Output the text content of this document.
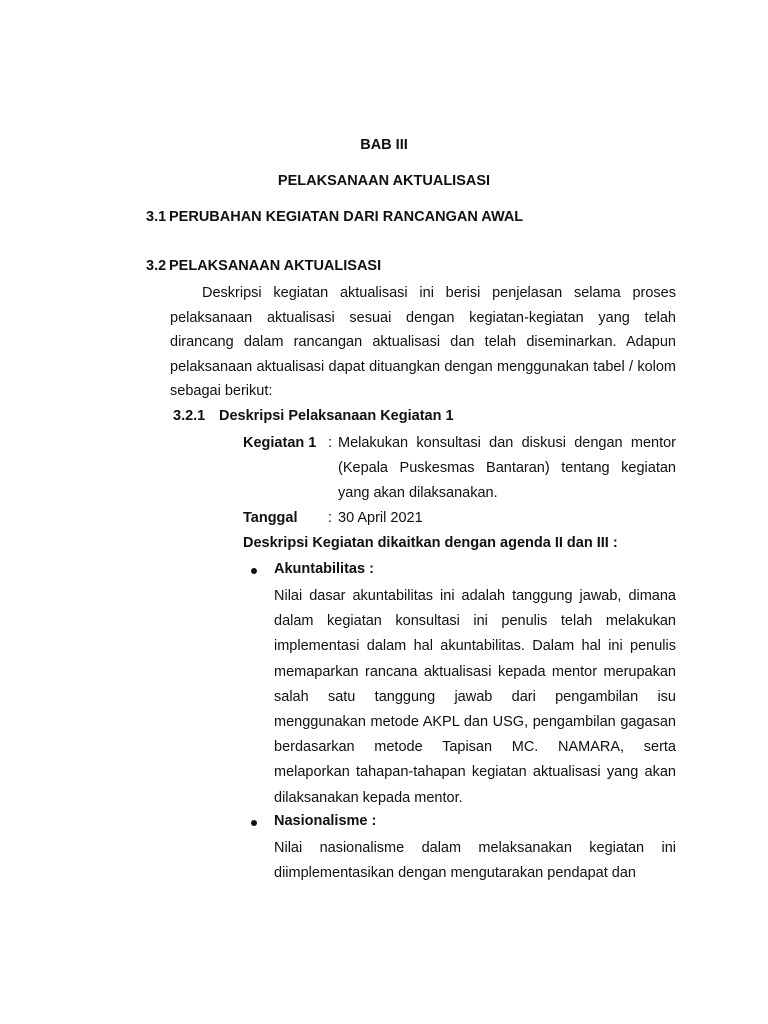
BAB III
PELAKSANAAN AKTUALISASI
3.1 PERUBAHAN KEGIATAN DARI RANCANGAN AWAL
3.2 PELAKSANAAN AKTUALISASI

Deskripsi kegiatan aktualisasi ini berisi penjelasan selama proses pelaksanaan aktualisasi sesuai dengan kegiatan-kegiatan yang telah dirancang dalam rancangan aktualisasi dan telah diseminarkan. Adapun pelaksanaan aktualisasi dapat dituangkan dengan menggunakan tabel / kolom sebagai berikut:

3.2.1 Deskripsi Pelaksanaan Kegiatan 1
Kegiatan 1 : Melakukan konsultasi dan diskusi dengan mentor (Kepala Puskesmas Bantaran) tentang kegiatan yang akan dilaksanakan.

Tanggal : 30 April 2021
Deskripsi Kegiatan dikaitkan dengan agenda II dan III :
Akuntabilitas :

Nilai dasar akuntabilitas ini adalah tanggung jawab, dimana dalam kegiatan konsultasi ini penulis telah melakukan implementasi dalam hal akuntabilitas. Dalam hal ini penulis memaparkan rancana aktualisasi kepada mentor merupakan salah satu tanggung jawab dari pengambilan isu menggunakan metode AKPL dan USG, pengambilan gagasan berdasarkan metode Tapisan MC. NAMARA, serta melaporkan tahapan-tahapan kegiatan aktualisasi yang akan dilaksanakan kepada mentor.

Nasionalisme :

Nilai nasionalisme dalam melaksanakan kegiatan ini diimplementasikan dengan mengutarakan pendapat dan
